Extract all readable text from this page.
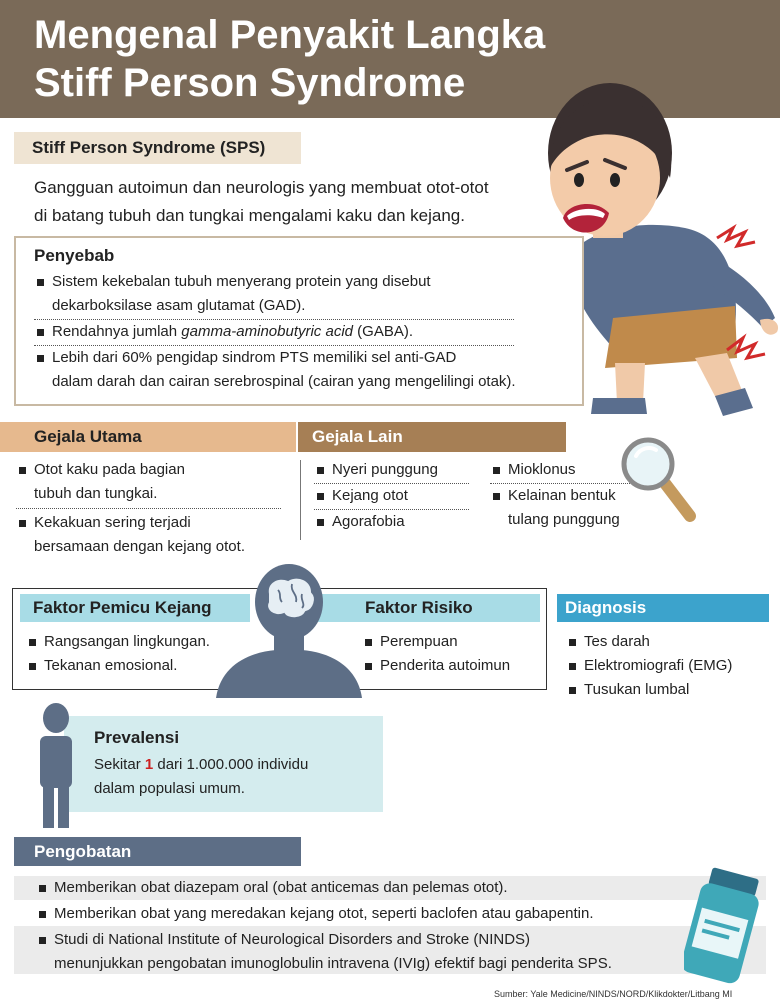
Mengenal Penyakit Langka
Stiff Person Syndrome
Stiff Person Syndrome (SPS)
Gangguan autoimun dan neurologis yang membuat otot-otot
di batang tubuh dan tungkai mengalami kaku dan kejang.
Penyebab
Sistem kekebalan tubuh menyerang protein yang disebut
dekarboksilase asam glutamat (GAD).
Rendahnya jumlah gamma-aminobutyric acid (GABA).
Lebih dari 60% pengidap sindrom PTS memiliki sel anti-GAD
dalam darah dan cairan serebrospinal (cairan yang mengelilingi otak).
Gejala Utama
Otot kaku pada bagian
tubuh dan tungkai.
Kekakuan sering terjadi
bersamaan dengan kejang otot.
Gejala Lain
Nyeri punggung
Kejang otot
Agorafobia
Mioklonus
Kelainan bentuk
tulang punggung
Faktor Pemicu Kejang	Faktor Risiko
Rangsangan lingkungan.
Tekanan emosional.
Perempuan
Penderita autoimun
Diagnosis
Tes darah
Elektromiografi (EMG)
Tusukan lumbal
Prevalensi
Sekitar 1 dari 1.000.000 individu
dalam populasi umum.
Pengobatan
Memberikan obat diazepam oral (obat anticemas dan pelemas otot).
Memberikan obat yang meredakan kejang otot, seperti baclofen atau gabapentin.
Studi di National Institute of Neurological Disorders and Stroke (NINDS)
menunjukkan pengobatan imunoglobulin intravena (IVIg) efektif bagi penderita SPS.
Sumber: Yale Medicine/NINDS/NORD/Klikdokter/Litbang MI
